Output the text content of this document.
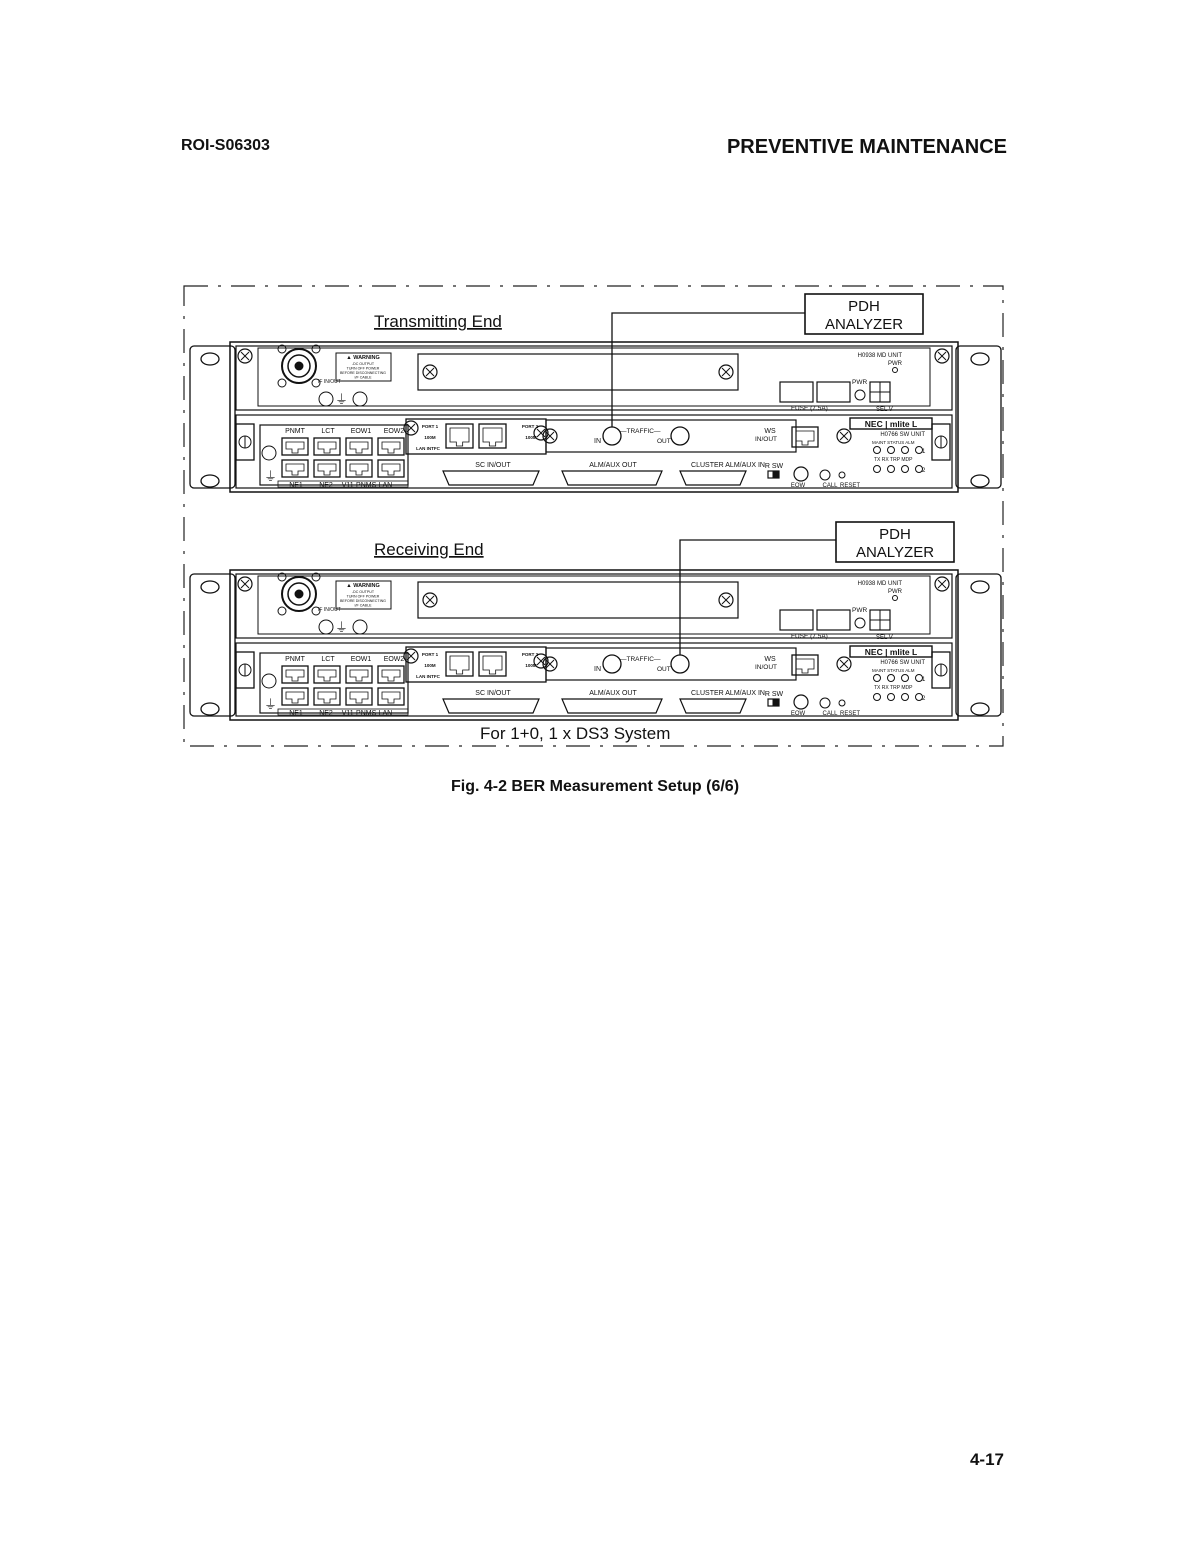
ROI-S06303	PREVENTIVE MAINTENANCE
Transmitting End
PDH
ANALYZER
IF IN/OUT
▲ WARNING
-DC OUTPUT
TURN OFF POWER
BEFORE DISCONNECTING
I/F CABLE
⏚
H0938 MD UNIT
PWR
FUSE (7.5A)
PWR
SEL V
⏚
PNMT LCT EOW1 EOW2
NE1 NE2 V11-PNMS-LAN
PORT 1	PORT 2
100M	100M
LAN INTFC
IN
—TRAFFIC—
OUT
WS
IN/OUT
NEC | mlite L
H0766 SW UNIT
MAINT STATUS ALM
1
TX RX TRP MDP
2
SC IN/OUT	ALM/AUX OUT	CLUSTER ALM/AUX IN R SW
EOW	CALL RESET
Receiving End
PDH
ANALYZER
IF IN/OUT
▲ WARNING
-DC OUTPUT
TURN OFF POWER
BEFORE DISCONNECTING
I/F CABLE
⏚
H0938 MD UNIT
PWR
FUSE (7.5A)
PWR
SEL V
⏚
PNMT LCT EOW1 EOW2
NE1 NE2 V11-PNMS-LAN
PORT 1	PORT 2
100M	100M
LAN INTFC
IN
—TRAFFIC—
OUT
WS
IN/OUT
NEC | mlite L
H0766 SW UNIT
MAINT STATUS ALM
1
TX RX TRP MDP
2
SC IN/OUT	ALM/AUX OUT	CLUSTER ALM/AUX IN R SW
EOW	CALL RESET
For 1+0, 1 x DS3 System
Fig. 4-2 BER Measurement Setup (6/6)
4-17
